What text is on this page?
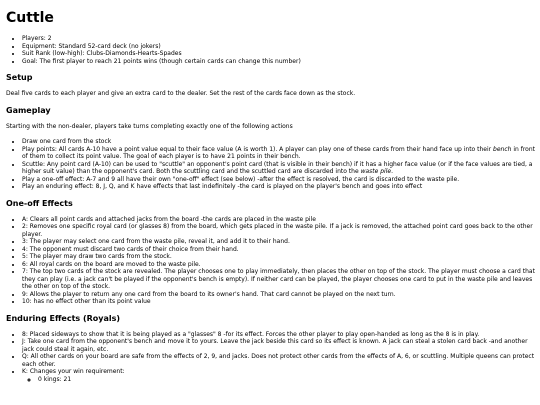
Cuttle
• Players: 2
• Equipment: Standard 52-card deck (no jokers)
• Suit Rank (low-high): Clubs-Diamonds-Hearts-Spades
• Goal: The first player to reach 21 points wins (though certain cards can change this number)
Setup

Deal five cards to each player and give an extra card to the dealer. Set the rest of the cards face down as the stock.

Gameplay

Starting with the non-dealer, players take turns completing exactly one of the following actions

• Draw one card from the stock
• Play points: All cards A-10 have a point value equal to their face value (A is worth 1). A player can play one of these cards from their hand face up into their bench in front of them to collect its point value. The goal of each player is to have 21 points in their bench.
• Scuttle: Any point card (A-10) can be used to "scuttle" an opponent's point card (that is visible in their bench) if it has a higher face value (or if the face values are tied, a higher suit value) than the opponent's card. Both the scuttling card and the scuttled card are discarded into the waste pile.
• Play a one-off effect: A-7 and 9 all have their own "one-off" effect (see below) -after the effect is resolved, the card is discarded to the waste pile.
• Play an enduring effect: 8, J, Q, and K have effects that last indefinitely -the card is played on the player's bench and goes into effect
One-off Effects
• A: Clears all point cards and attached jacks from the board -the cards are placed in the waste pile
• 2: Removes one specific royal card (or glasses 8) from the board, which gets placed in the waste pile. If a jack is removed, the attached point card goes back to the other player.
• 3: The player may select one card from the waste pile, reveal it, and add it to their hand.
• 4: The opponent must discard two cards of their choice from their hand.
• 5: The player may draw two cards from the stock.
• 6: All royal cards on the board are moved to the waste pile.
• 7: The top two cards of the stock are revealed. The player chooses one to play immediately, then places the other on top of the stock. The player must choose a card that they can play (i.e. a jack can't be played if the opponent's bench is empty). If neither card can be played, the player chooses one card to put in the waste pile and leaves the other on top of the stock.
• 9: Allows the player to return any one card from the board to its owner's hand. That card cannot be played on the next turn.
• 10: has no effect other than its point value
Enduring Effects (Royals)
• 8: Placed sideways to show that it is being played as a "glasses" 8 -for its effect. Forces the other player to play open-handed as long as the 8 is in play.
• J: Take one card from the opponent's bench and move it to yours. Leave the jack beside this card so its effect is known. A jack can steal a stolen card back -and another jack could steal it again, etc.
• Q: All other cards on your board are safe from the effects of 2, 9, and jacks. Does not protect other cards from the effects of A, 6, or scuttling. Multiple queens can protect each other.
• K: Changes your win requirement:
◦ 0 kings: 21
